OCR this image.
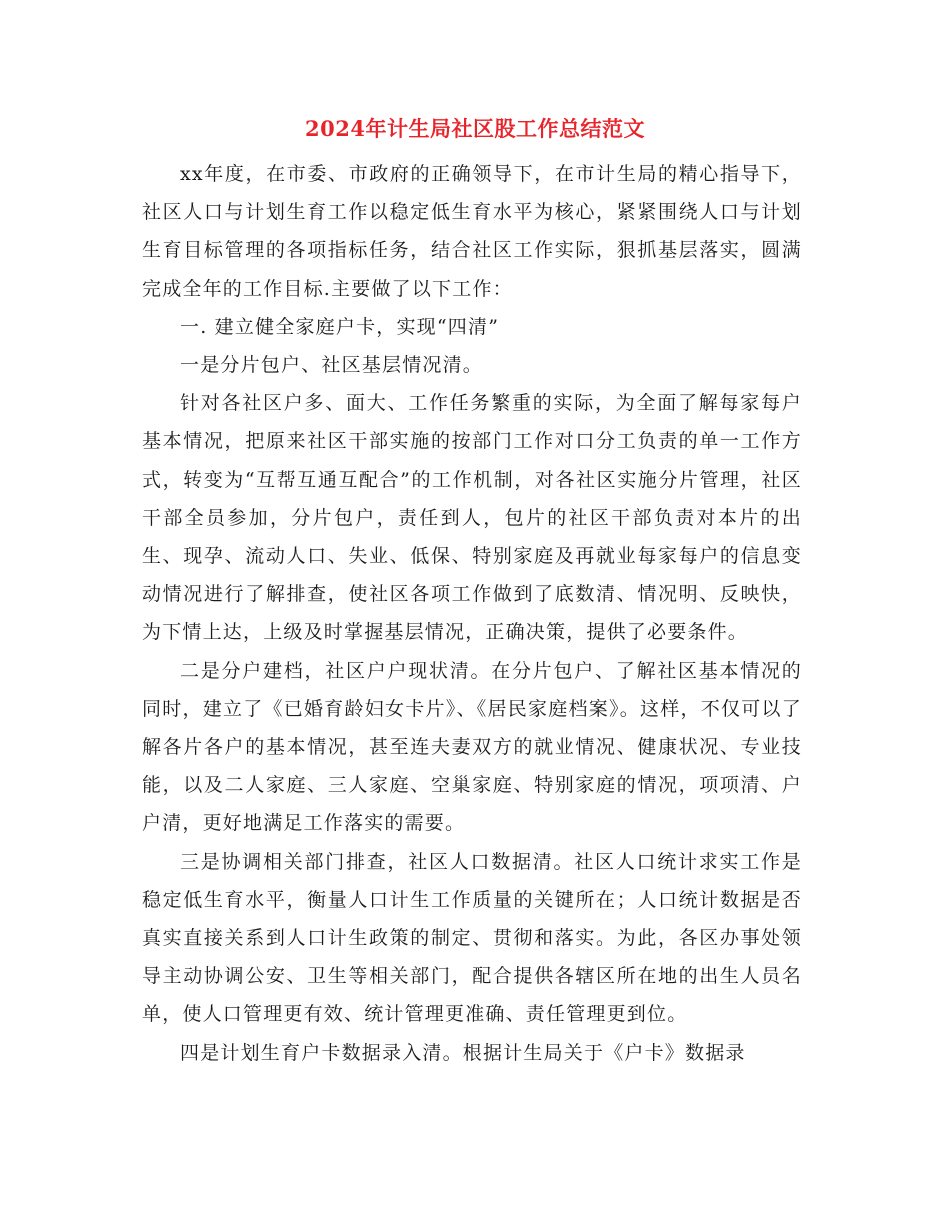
2024年计生局社区股工作总结范文

xx年度，在市委、市政府的正确领导下，在市计生局的精心指导下，社区人口与计划生育工作以稳定低生育水平为核心，紧紧围绕人口与计划生育目标管理的各项指标任务，结合社区工作实际，狠抓基层落实，圆满完成全年的工作目标.主要做了以下工作：

一. 建立健全家庭户卡，实现“四清”

一是分片包户、社区基层情况清。

针对各社区户多、面大、工作任务繁重的实际，为全面了解每家每户基本情况，把原来社区干部实施的按部门工作对口分工负责的单一工作方式，转变为“互帮互通互配合”的工作机制，对各社区实施分片管理，社区干部全员参加，分片包户，责任到人，包片的社区干部负责对本片的出生、现孕、流动人口、失业、低保、特别家庭及再就业每家每户的信息变动情况进行了解排查，使社区各项工作做到了底数清、情况明、反映快，为下情上达，上级及时掌握基层情况，正确决策，提供了必要条件。

二是分户建档，社区户户现状清。在分片包户、了解社区基本情况的同时，建立了《已婚育龄妇女卡片》、《居民家庭档案》。这样，不仅可以了解各片各户的基本情况，甚至连夫妻双方的就业情况、健康状况、专业技能，以及二人家庭、三人家庭、空巢家庭、特别家庭的情况，项项清、户户清，更好地满足工作落实的需要。

三是协调相关部门排查，社区人口数据清。社区人口统计求实工作是稳定低生育水平，衡量人口计生工作质量的关键所在；人口统计数据是否真实直接关系到人口计生政策的制定、贯彻和落实。为此，各区办事处领导主动协调公安、卫生等相关部门，配合提供各辖区所在地的出生人员名单，使人口管理更有效、统计管理更准确、责任管理更到位。

四是计划生育户卡数据录入清。根据计生局关于《户卡》数据录
